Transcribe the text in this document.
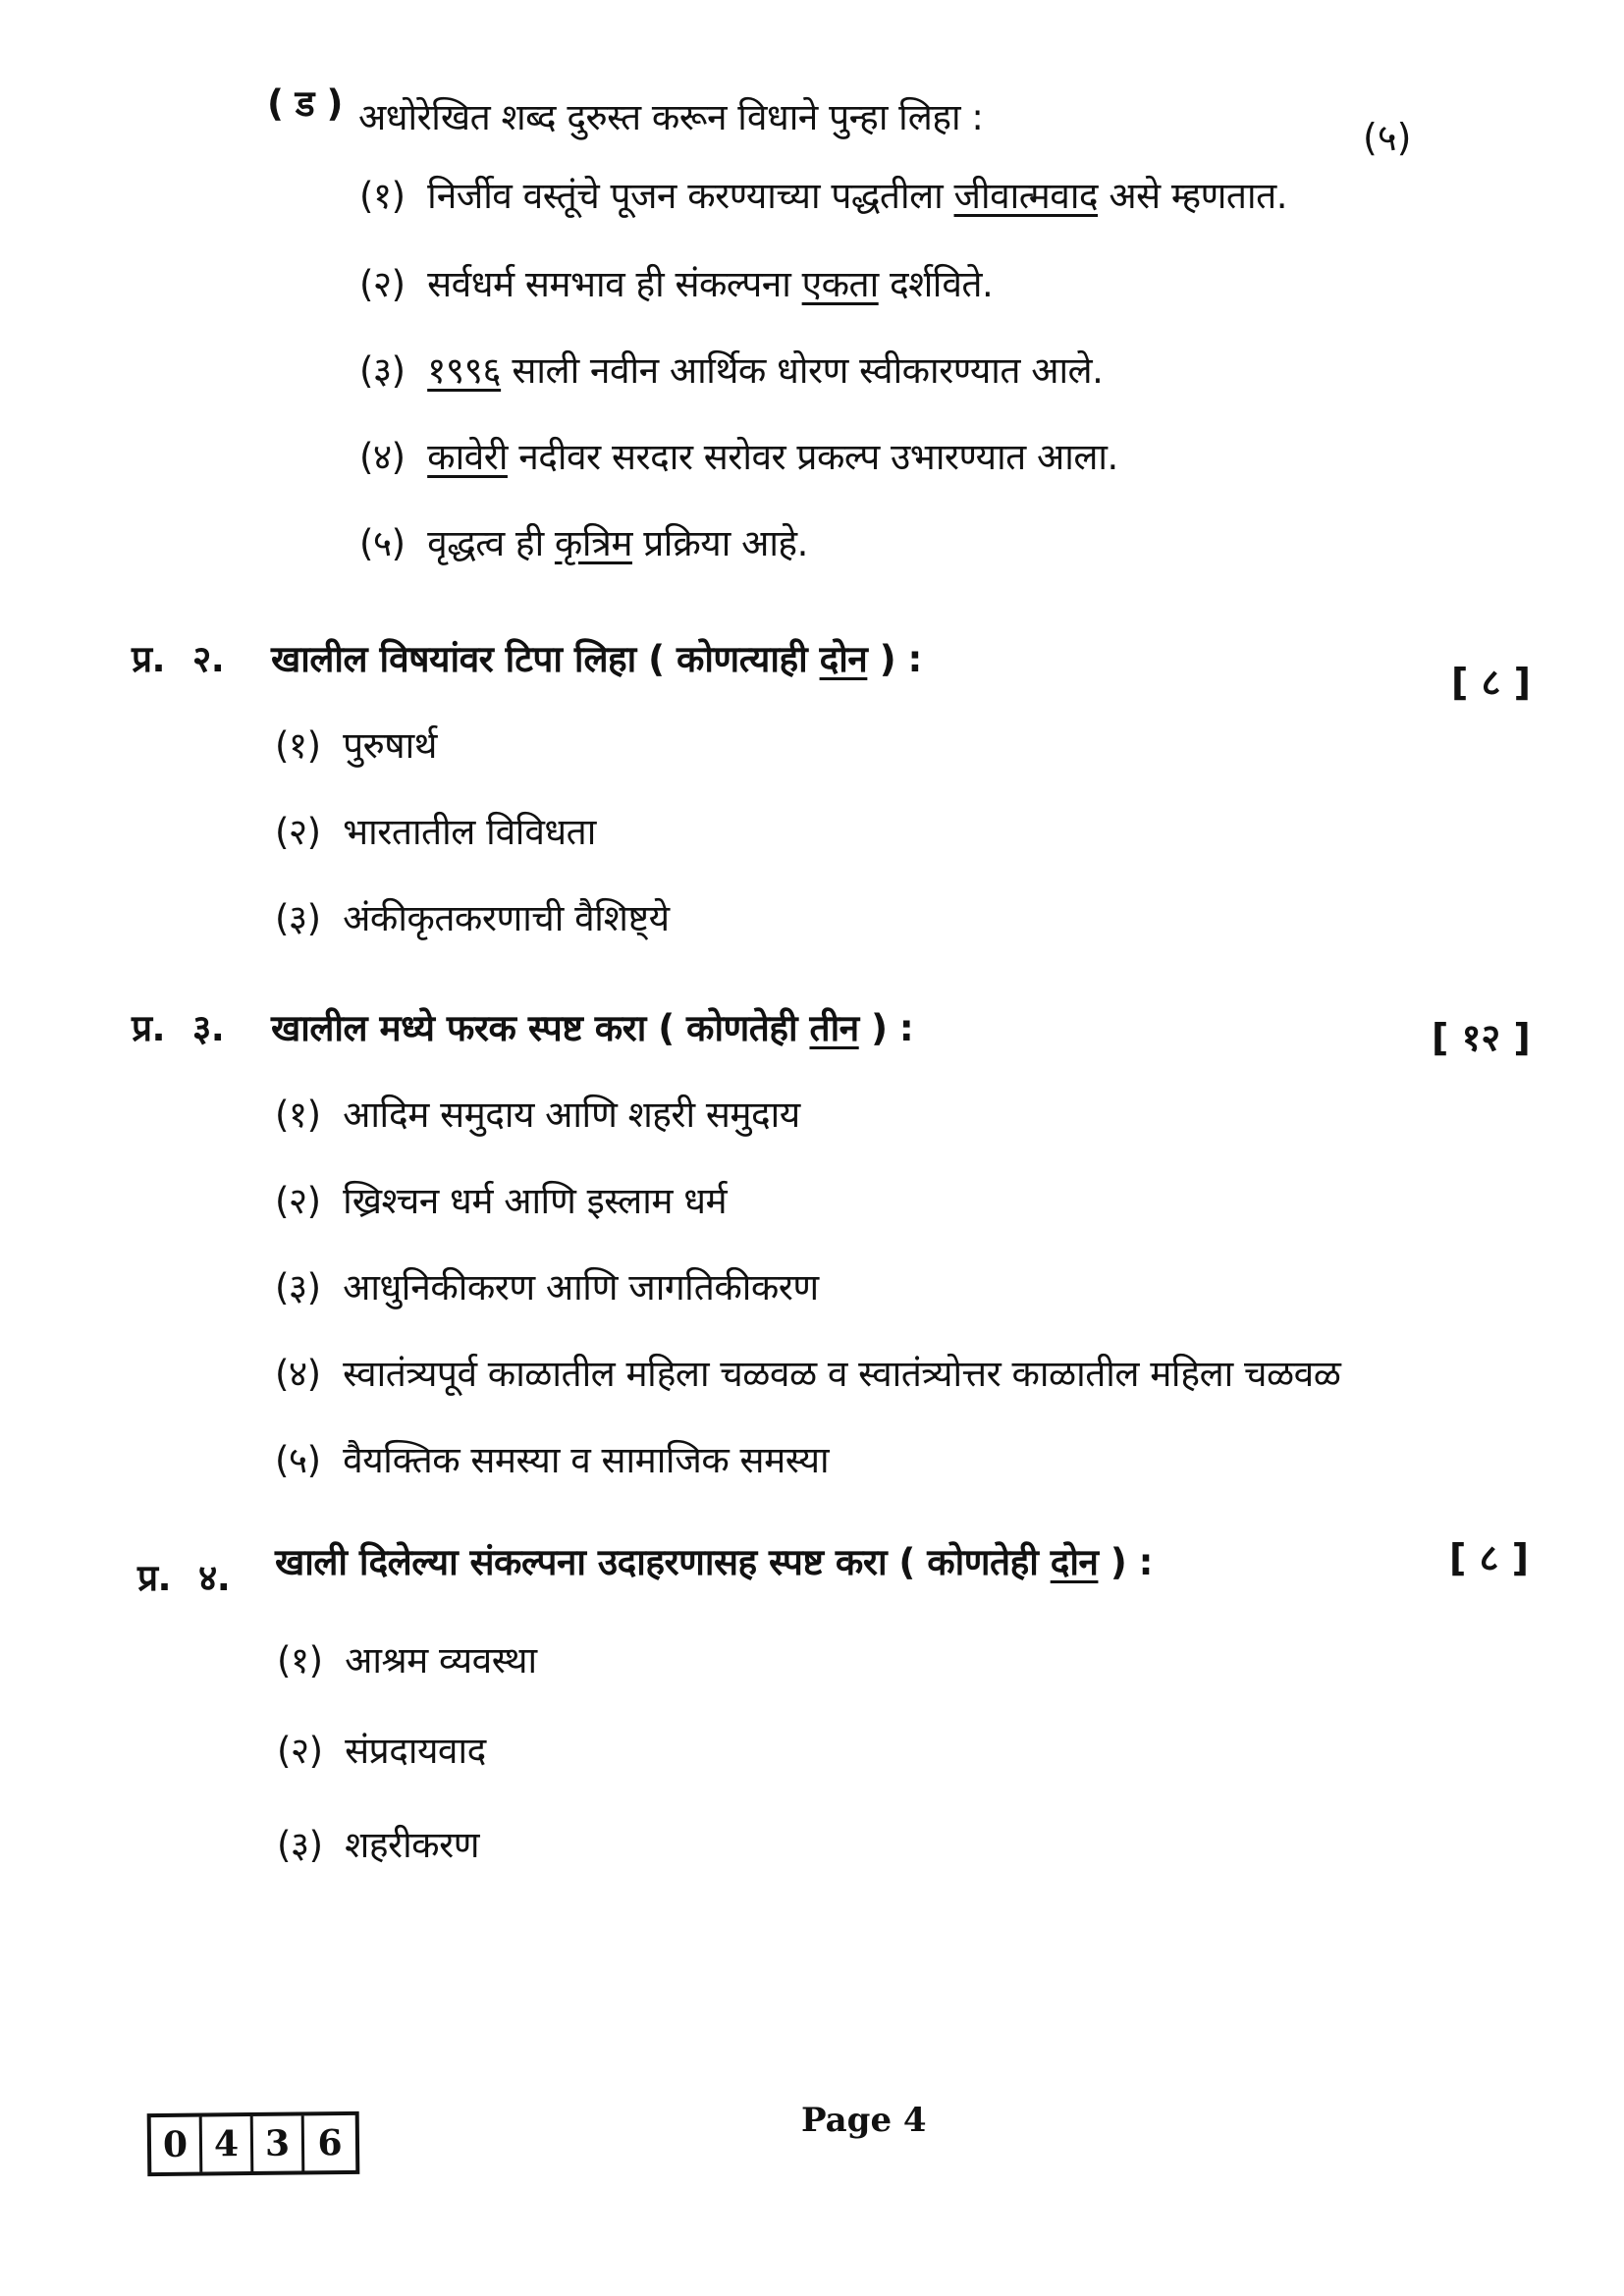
( ड ) अधोरेखित शब्द दुरुस्त करून विधाने पुन्हा लिहा :	(५)
(१) निर्जीव वस्तूंचे पूजन करण्याच्या पद्धतीला जीवात्मवाद असे म्हणतात.
(२) सर्वधर्म समभाव ही संकल्पना एकता दर्शविते.
(३) १९९६ साली नवीन आर्थिक धोरण स्वीकारण्यात आले.
(४) कावेरी नदीवर सरदार सरोवर प्रकल्प उभारण्यात आला.
(५) वृद्धत्व ही कृत्रिम प्रक्रिया आहे.
प्र. २. खालील विषयांवर टिपा लिहा ( कोणत्याही दोन ) :
[ ८ ]
(१) पुरुषार्थ
(२) भारतातील विविधता
(३) अंकीकृतकरणाची वैशिष्ट्ये
प्र. ३. खालील मध्ये फरक स्पष्ट करा ( कोणतेही तीन ) :	[ १२ ]
(१) आदिम समुदाय आणि शहरी समुदाय
(२) ख्रिश्चन धर्म आणि इस्लाम धर्म
(३) आधुनिकीकरण आणि जागतिकीकरण
(४) स्वातंत्र्यपूर्व काळातील महिला चळवळ व स्वातंत्र्योत्तर काळातील महिला चळवळ
(५) वैयक्तिक समस्या व सामाजिक समस्या
प्र. ४. खाली दिलेल्या संकल्पना उदाहरणासह स्पष्ट करा ( कोणतेही दोन ) :	[ ८ ]
(१) आश्रम व्यवस्था
(२) संप्रदायवाद
(३) शहरीकरण
0 4 3 6
Page 4
